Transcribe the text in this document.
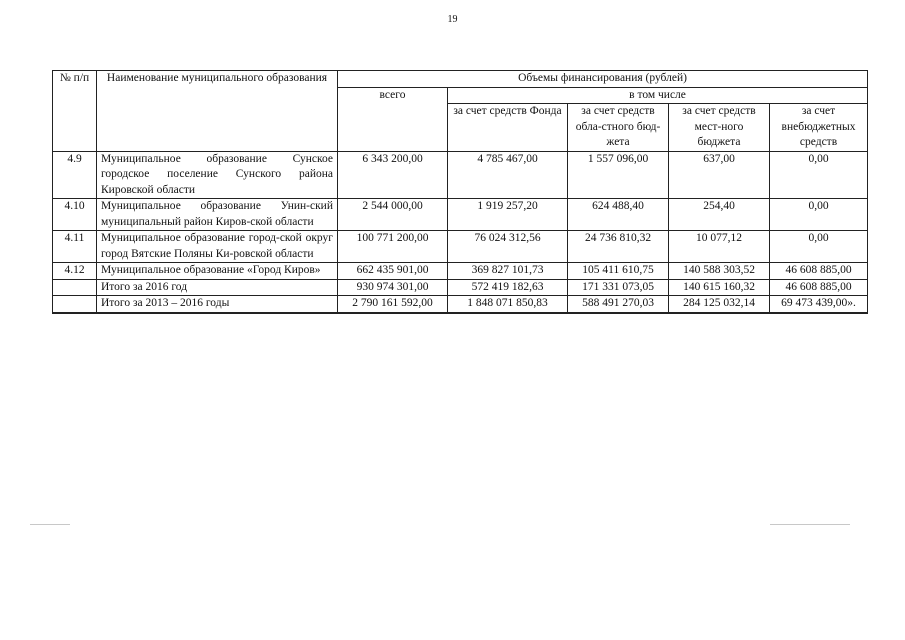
19
№ п/п	Наименование муниципального образования	Объемы финансирования (рублей)				
		всего	в том числе			
			за счет средств Фонда	за счет средств обла-стного бюд-жета	за счет средств мест-ного бюджета	за счет внебюджетных средств
4.9	Муниципальное образование Сунское городское поселение Сунского района Кировской области	6 343 200,00	4 785 467,00	1 557 096,00	637,00	0,00
4.10	Муниципальное образование Унин-ский муниципальный район Киров-ской области	2 544 000,00	1 919 257,20	624 488,40	254,40	0,00
4.11	Муниципальное образование город-ской округ город Вятские Поляны Ки-ровской области	100 771 200,00	76 024 312,56	24 736 810,32	10 077,12	0,00
4.12	Муниципальное образование «Город Киров»	662 435 901,00	369 827 101,73	105 411 610,75	140 588 303,52	46 608 885,00
	Итого за 2016 год	930 974 301,00	572 419 182,63	171 331 073,05	140 615 160,32	46 608 885,00
	Итого за 2013 – 2016 годы	2 790 161 592,00	1 848 071 850,83	588 491 270,03	284 125 032,14	69 473 439,00».
